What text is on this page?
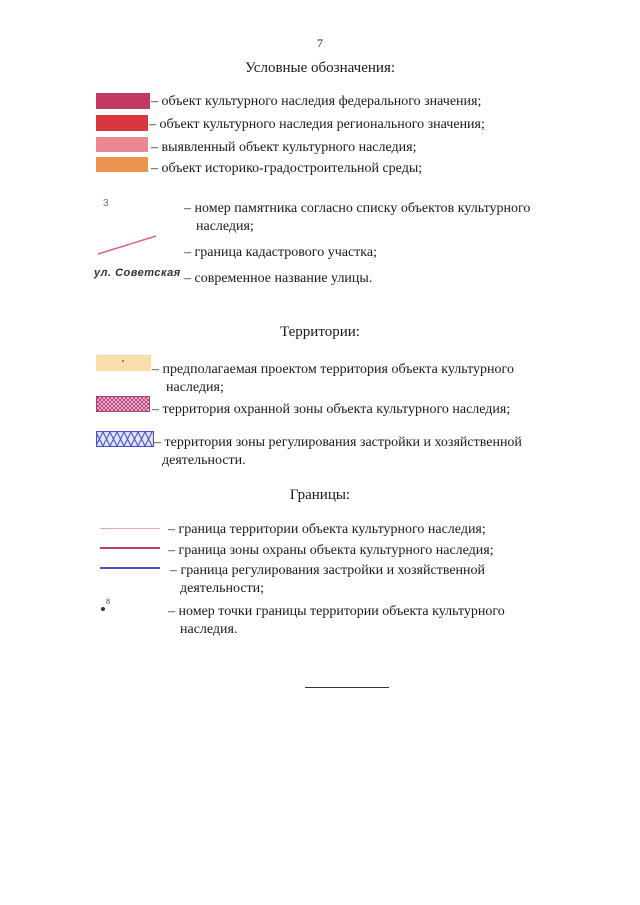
7
Условные обозначения:
– объект культурного наследия федерального значения;
– объект культурного наследия регионального значения;
– выявленный объект культурного наследия;
– объект историко-градостроительной среды;
3	– номер памятника согласно списку объектов культурного
наследия;
– граница кадастрового участка;
ул. Советская – современное название улицы.
Территории:
– предполагаемая проектом территория объекта культурного
наследия;
– территория охранной зоны объекта культурного наследия;
– территория зоны регулирования застройки и хозяйственной
деятельности.
Границы:
– граница территории объекта культурного наследия;
– граница зоны охраны объекта культурного наследия;
– граница регулирования застройки и хозяйственной
деятельности;
8
– номер точки границы территории объекта культурного
наследия.
